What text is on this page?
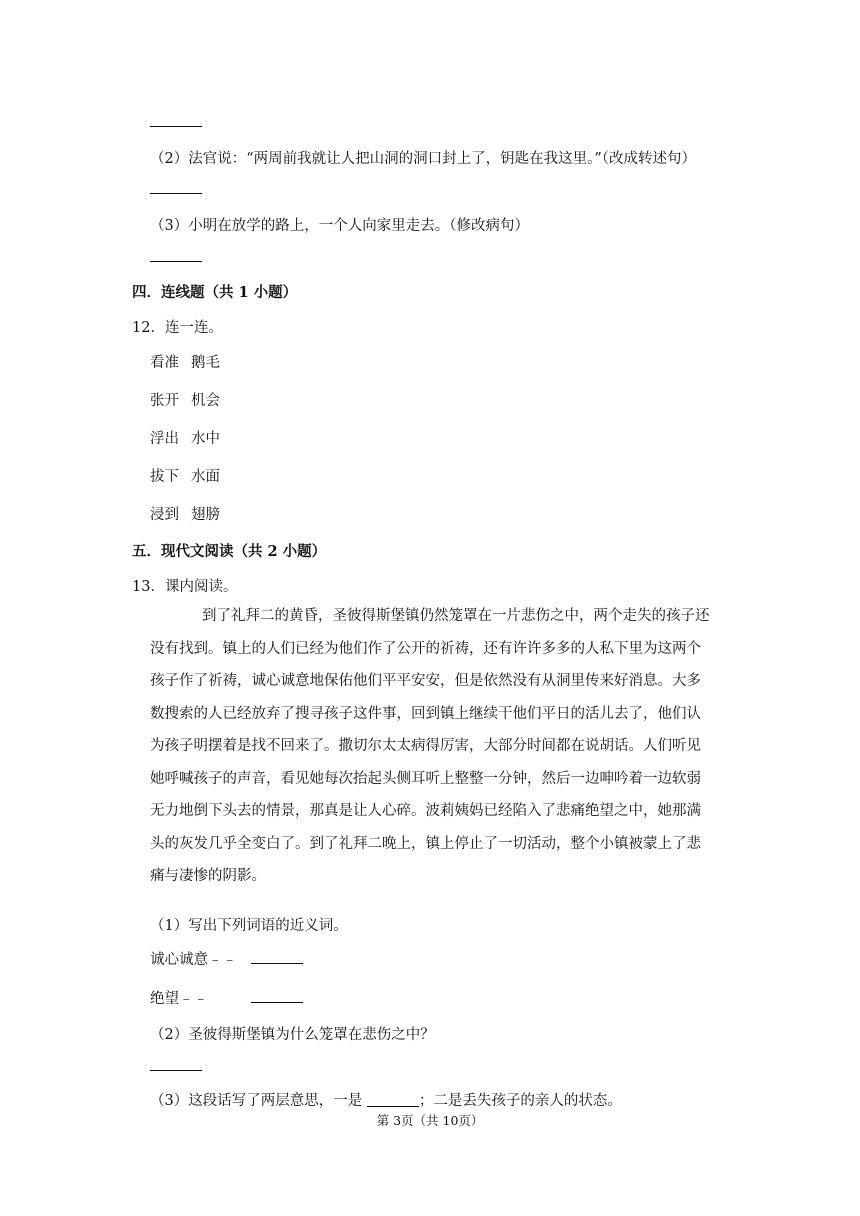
（2）法官说：“两周前我就让人把山洞的洞口封上了，钥匙在我这里。”（改成转述句）
（3）小明在放学的路上，一个人向家里走去。（修改病句）
四．连线题（共 1 小题）
12．连一连。
看准 鹅毛
张开 机会
浮出 水中
拔下 水面
浸到 翅膀
五．现代文阅读（共 2 小题）
13．课内阅读。
到了礼拜二的黄昏，圣彼得斯堡镇仍然笼罩在一片悲伤之中，两个走失的孩子还
没有找到。镇上的人们已经为他们作了公开的祈祷，还有许许多多的人私下里为这两个
孩子作了祈祷，诚心诚意地保佑他们平平安安，但是依然没有从洞里传来好消息。大多
数搜索的人已经放弃了搜寻孩子这件事，回到镇上继续干他们平日的活儿去了，他们认
为孩子明摆着是找不回来了。撒切尔太太病得厉害，大部分时间都在说胡话。人们听见
她呼喊孩子的声音，看见她每次抬起头侧耳听上整整一分钟，然后一边呻吟着一边软弱
无力地倒下头去的情景，那真是让人心碎。波莉姨妈已经陷入了悲痛绝望之中，她那满
头的灰发几乎全变白了。到了礼拜二晚上，镇上停止了一切活动，整个小镇被蒙上了悲
痛与凄惨的阴影。
（1）写出下列词语的近义词。
诚心诚意﹣﹣
绝望﹣﹣
（2）圣彼得斯堡镇为什么笼罩在悲伤之中？
（3）这段话写了两层意思，一是	；二是丢失孩子的亲人的状态。
第 3页（共 10页）
